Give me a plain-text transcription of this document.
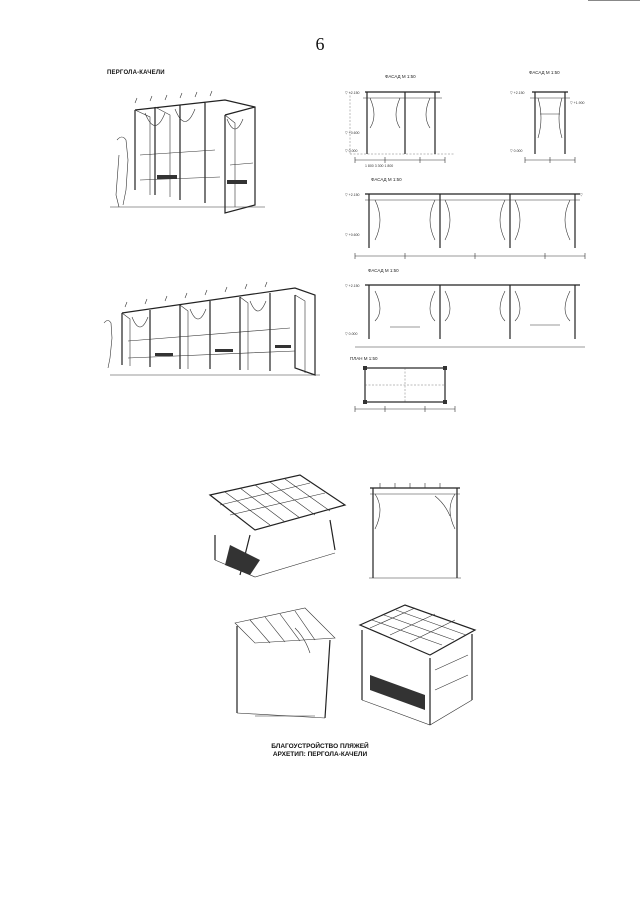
6
ПЕРГОЛА-КАЧЕЛИ
ФАСАД М 1:50
▽ +2.150
▽ +0.600
▽ 0.000
1 800 3 300 1 800
ФАСАД М 1:50
▽ +2.150
▽ 0.000
▽ +1.900
ФАСАД М 1:50
▽ +2.150
▽ +0.600
▽
ФАСАД М 1:50
▽ +2.150
▽ 0.000
ПЛАН М 1:50
БЛАГОУСТРОЙСТВО ПЛЯЖЕЙ
АРХЕТИП: ПЕРГОЛА-КАЧЕЛИ
